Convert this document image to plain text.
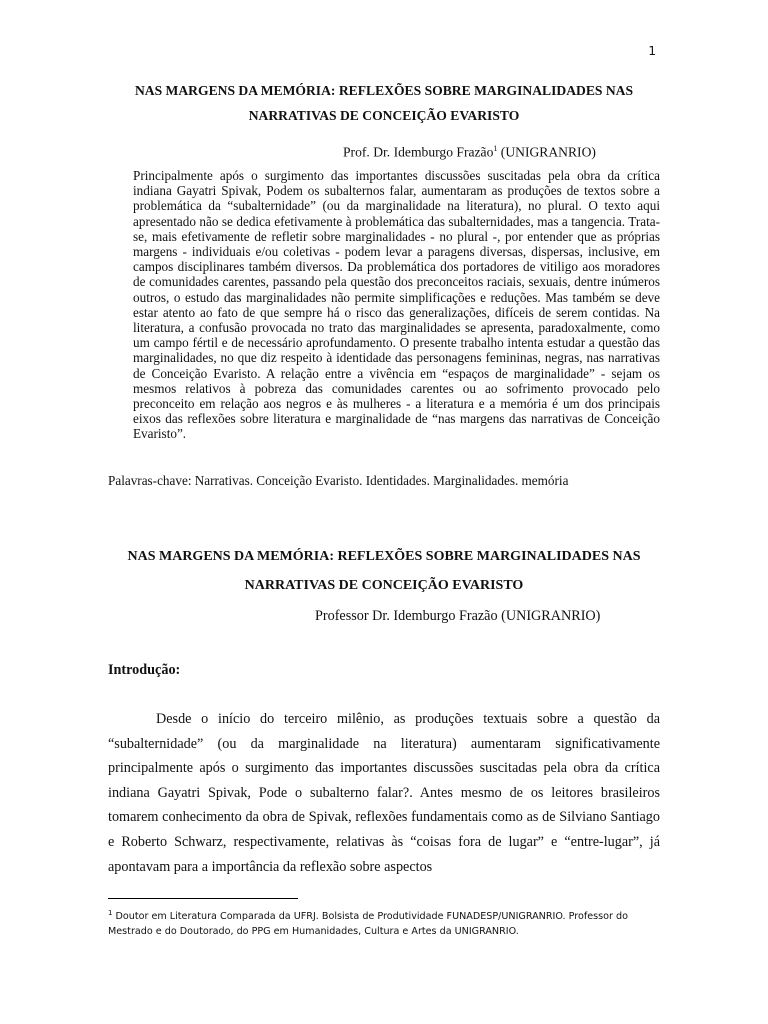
1
NAS MARGENS DA MEMÓRIA: REFLEXÕES SOBRE MARGINALIDADES NAS NARRATIVAS DE CONCEIÇÃO EVARISTO
Prof. Dr. Idemburgo Frazão$^1$ (UNIGRANRIO)

Principalmente após o surgimento das importantes discussões suscitadas pela obra da crítica indiana Gayatri Spivak, Podem os subalternos falar, aumentaram as produções de textos sobre a problemática da “subalternidade” (ou da marginalidade na literatura), no plural. O texto aqui apresentado não se dedica efetivamente à problemática das subalternidades, mas a tangencia. Trata-se, mais efetivamente de refletir sobre marginalidades - no plural -, por entender que as próprias margens - individuais e/ou coletivas - podem levar a paragens diversas, dispersas, inclusive, em campos disciplinares também diversos. Da problemática dos portadores de vitiligo aos moradores de comunidades carentes, passando pela questão dos preconceitos raciais, sexuais, dentre inúmeros outros, o estudo das marginalidades não permite simplificações e reduções. Mas também se deve estar atento ao fato de que sempre há o risco das generalizações, difíceis de serem contidas. Na literatura, a confusão provocada no trato das marginalidades se apresenta, paradoxalmente, como um campo fértil e de necessário aprofundamento. O presente trabalho intenta estudar a questão das marginalidades, no que diz respeito à identidade das personagens femininas, negras, nas narrativas de Conceição Evaristo. A relação entre a vivência em “espaços de marginalidade” - sejam os mesmos relativos à pobreza das comunidades carentes ou ao sofrimento provocado pelo preconceito em relação aos negros e às mulheres - a literatura e a memória é um dos principais eixos das reflexões sobre literatura e marginalidade de “nas margens das narrativas de Conceição Evaristo”.

Palavras-chave: Narrativas. Conceição Evaristo. Identidades. Marginalidades. memória
NAS MARGENS DA MEMÓRIA: REFLEXÕES SOBRE MARGINALIDADES NAS NARRATIVAS DE CONCEIÇÃO EVARISTO
Professor Dr. Idemburgo Frazão (UNIGRANRIO)
Introdução:

Desde o início do terceiro milênio, as produções textuais sobre a questão da “subalternidade” (ou da marginalidade na literatura) aumentaram significativamente principalmente após o surgimento das importantes discussões suscitadas pela obra da crítica indiana Gayatri Spivak, Pode o subalterno falar?. Antes mesmo de os leitores brasileiros tomarem conhecimento da obra de Spivak, reflexões fundamentais como as de Silviano Santiago e Roberto Schwarz, respectivamente, relativas às “coisas fora de lugar” e “entre-lugar”, já apontavam para a importância da reflexão sobre aspectos

$^1$ Doutor em Literatura Comparada da UFRJ. Bolsista de Produtividade FUNADESP/UNIGRANRIO. Professor do Mestrado e do Doutorado, do PPG em Humanidades, Cultura e Artes da UNIGRANRIO.
